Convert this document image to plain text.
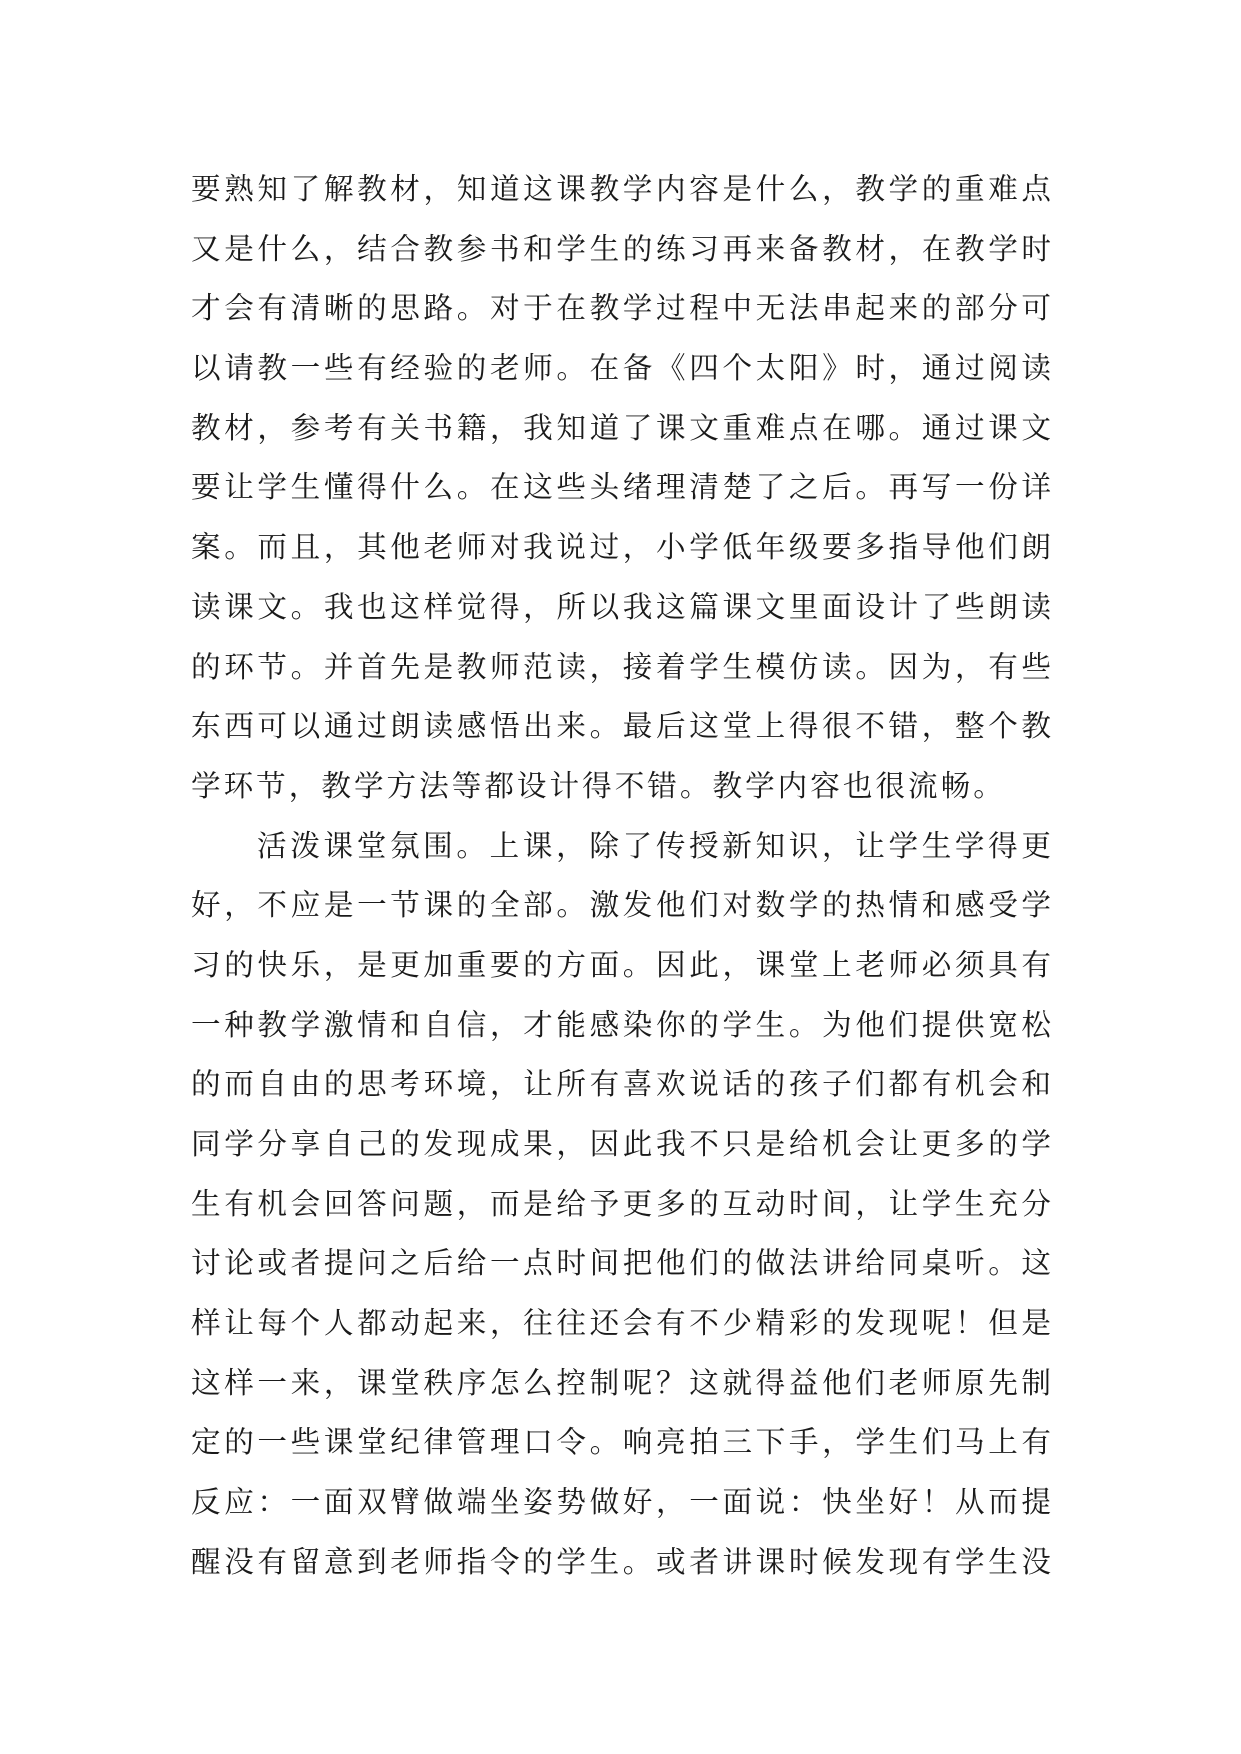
要熟知了解教材，知道这课教学内容是什么，教学的重难点
又是什么，结合教参书和学生的练习再来备教材，在教学时
才会有清晰的思路。对于在教学过程中无法串起来的部分可
以请教一些有经验的老师。在备《四个太阳》时，通过阅读
教材，参考有关书籍，我知道了课文重难点在哪。通过课文
要让学生懂得什么。在这些头绪理清楚了之后。再写一份详
案。而且，其他老师对我说过，小学低年级要多指导他们朗
读课文。我也这样觉得，所以我这篇课文里面设计了些朗读
的环节。并首先是教师范读，接着学生模仿读。因为，有些
东西可以通过朗读感悟出来。最后这堂上得很不错，整个教
学环节，教学方法等都设计得不错。教学内容也很流畅。
活泼课堂氛围。上课，除了传授新知识，让学生学得更
好，不应是一节课的全部。激发他们对数学的热情和感受学
习的快乐，是更加重要的方面。因此，课堂上老师必须具有
一种教学激情和自信，才能感染你的学生。为他们提供宽松
的而自由的思考环境，让所有喜欢说话的孩子们都有机会和
同学分享自己的发现成果，因此我不只是给机会让更多的学
生有机会回答问题，而是给予更多的互动时间，让学生充分
讨论或者提问之后给一点时间把他们的做法讲给同桌听。这
样让每个人都动起来，往往还会有不少精彩的发现呢！但是
这样一来，课堂秩序怎么控制呢？这就得益他们老师原先制
定的一些课堂纪律管理口令。响亮拍三下手，学生们马上有
反应：一面双臂做端坐姿势做好，一面说：快坐好！从而提
醒没有留意到老师指令的学生。或者讲课时候发现有学生没
